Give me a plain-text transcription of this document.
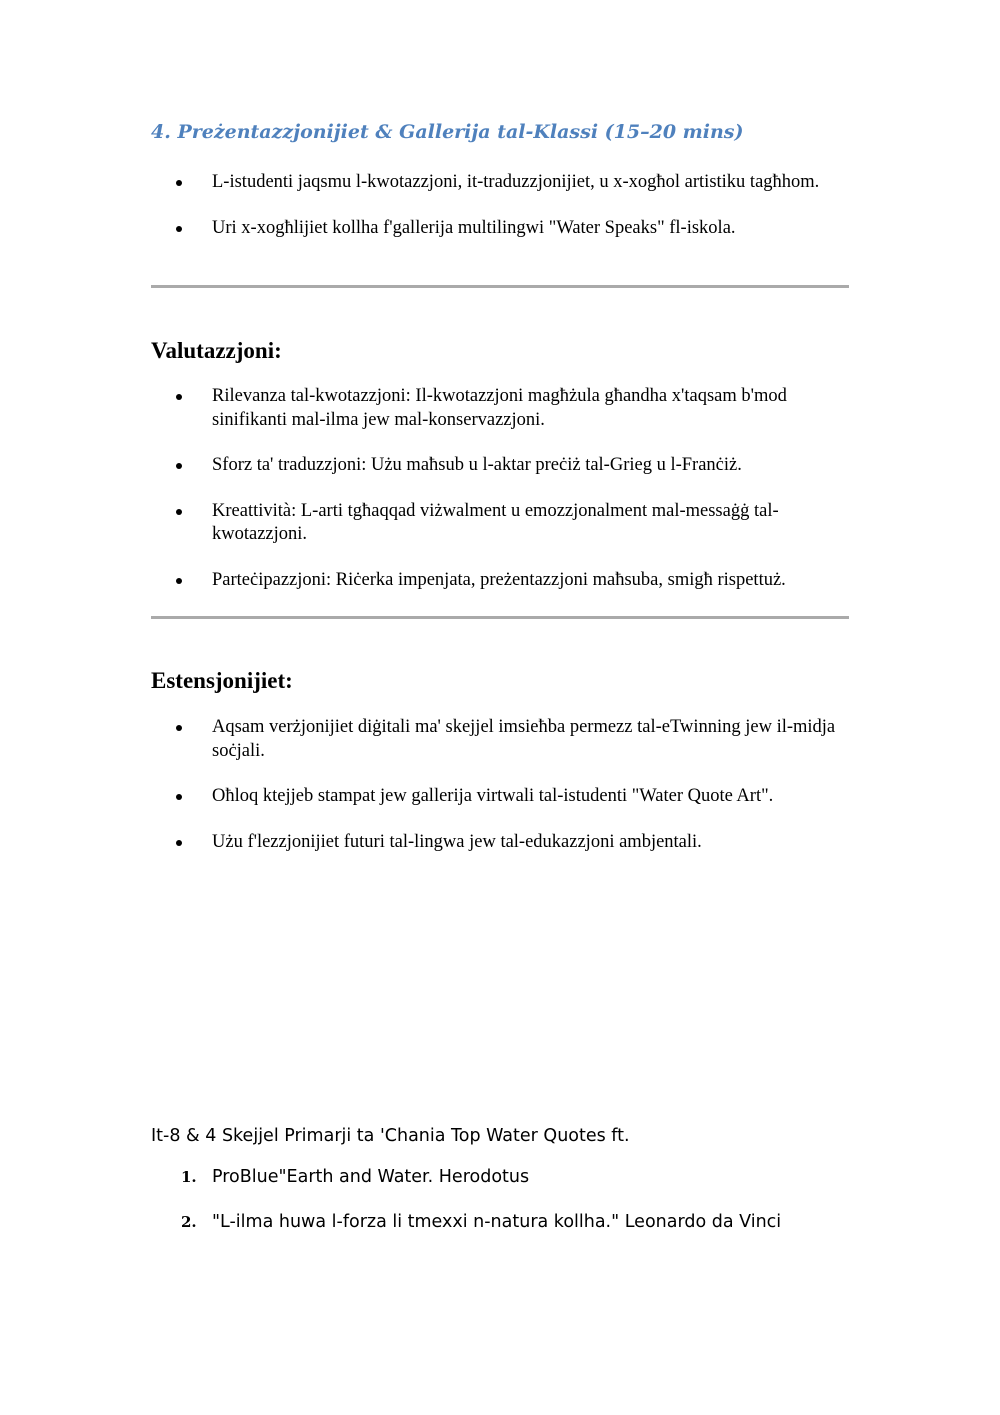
4. Preżentazzjonijiet & Gallerija tal-Klassi (15–20 mins)
L-istudenti jaqsmu l-kwotazzjoni, it-traduzzjonijiet, u x-xogħol artistiku tagħhom.
Uri x-xogħlijiet kollha f'gallerija multilingwi "Water Speaks" fl-iskola.
Valutazzjoni:
Rilevanza tal-kwotazzjoni: Il-kwotazzjoni magħżula għandha x'taqsam b'mod sinifikanti mal-ilma jew mal-konservazzjoni.
Sforz ta' traduzzjoni: Użu maħsub u l-aktar preċiż tal-Grieg u l-Franċiż.
Kreattività: L-arti tgħaqqad viżwalment u emozzjonalment mal-messaġġ tal-kwotazzjoni.
Parteċipazzjoni: Riċerka impenjata, preżentazzjoni maħsuba, smigħ rispettuż.
Estensjonijiet:
Aqsam verżjonijiet diġitali ma' skejjel imsieħba permezz tal-eTwinning jew il-midja soċjali.
Oħloq ktejjeb stampat jew gallerija virtwali tal-istudenti "Water Quote Art".
Użu f'lezzjonijiet futuri tal-lingwa jew tal-edukazzjoni ambjentali.

It-8 & 4 Skejjel Primarji ta 'Chania Top Water Quotes ft.

1. ProBlue"Earth and Water. Herodotus
2. "L-ilma huwa l-forza li tmexxi n-natura kollha." Leonardo da Vinci
